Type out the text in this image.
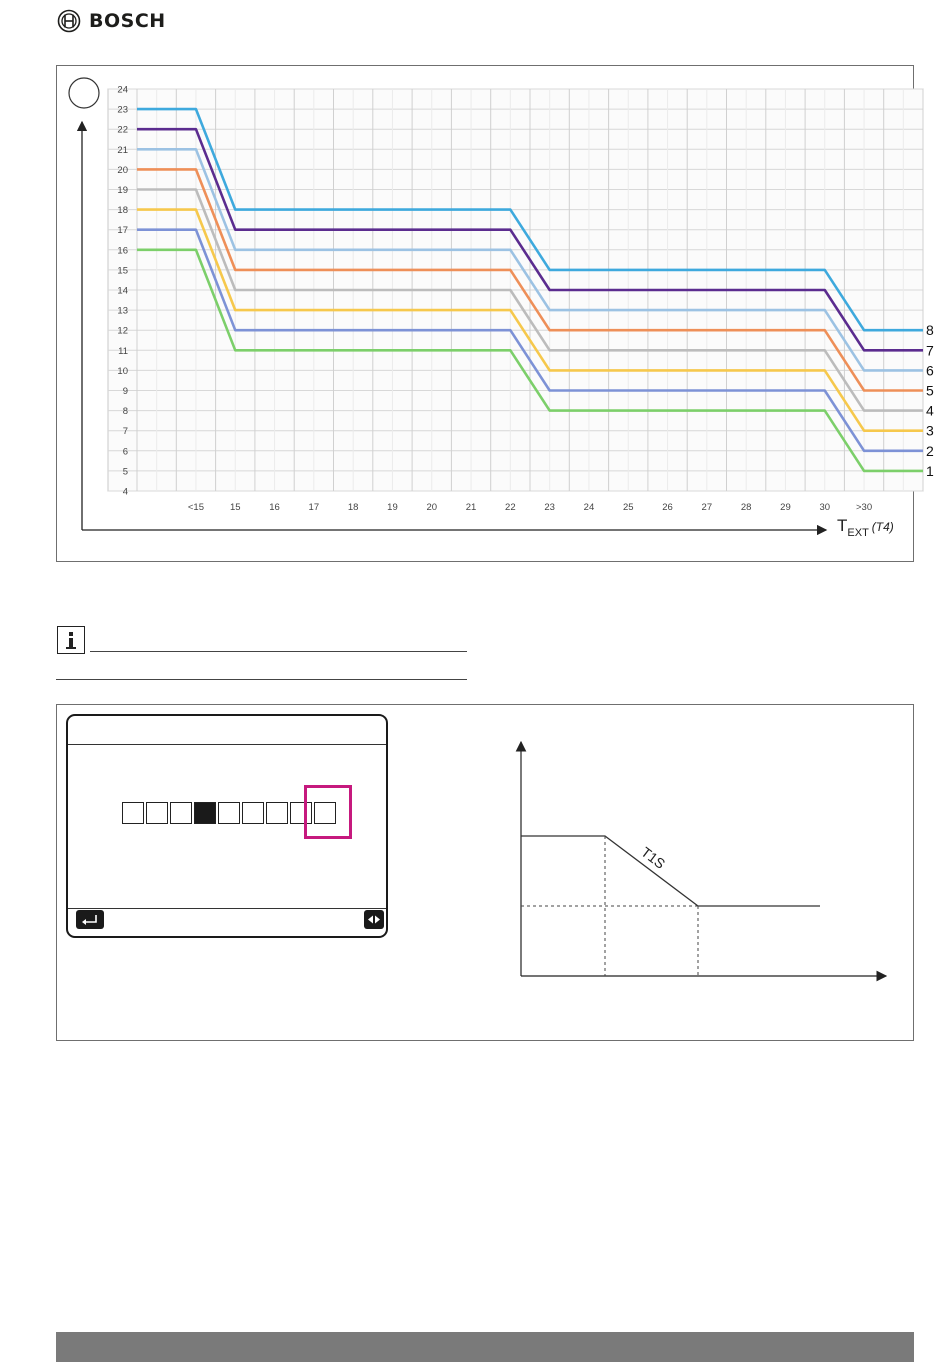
BOSCH
4
5
6
7
8
9
10
11
12
13
14
15
16
17
18
19
20
21
22
23
24
<15	15	16	17	18	19	20	21	22	23	24	25	26	27	28	29	30	>30
1
2
3
4
5
6
7
8
$T_{EXT}$ $^{(T4)}$
T1S
